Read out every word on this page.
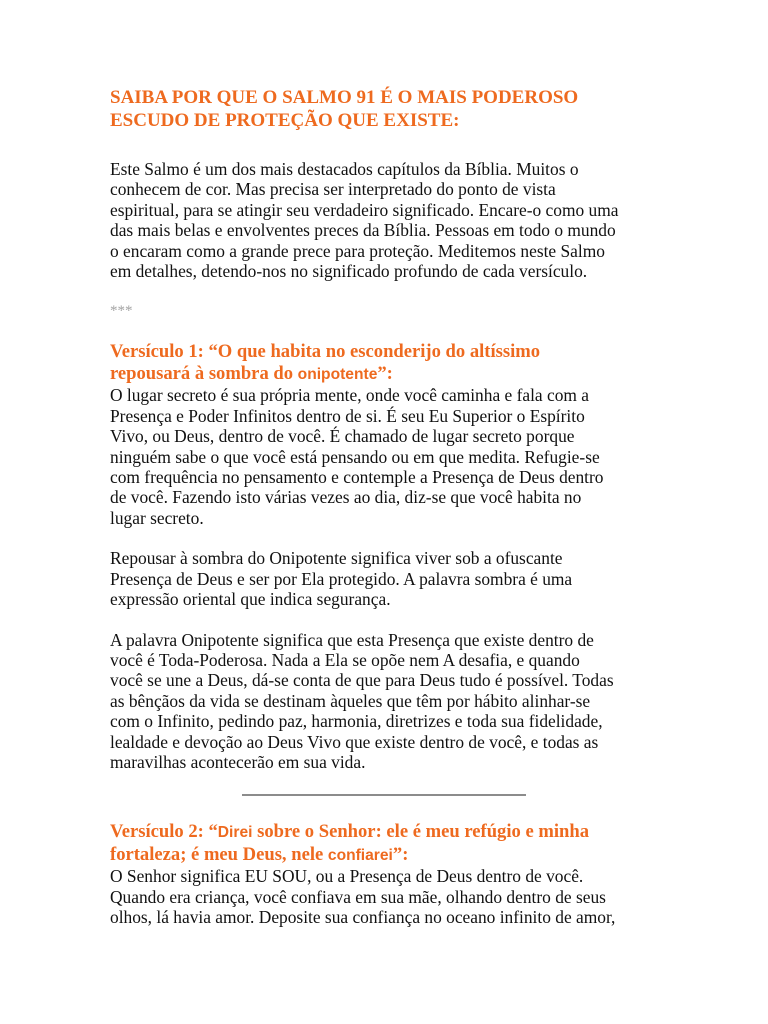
SAIBA POR QUE O SALMO 91 É O MAIS PODEROSO
ESCUDO DE PROTEÇÃO QUE EXISTE:

Este Salmo é um dos mais destacados capítulos da Bíblia. Muitos o
conhecem de cor. Mas precisa ser interpretado do ponto de vista
espiritual, para se atingir seu verdadeiro significado. Encare-o como uma
das mais belas e envolventes preces da Bíblia. Pessoas em todo o mundo
o encaram como a grande prece para proteção. Meditemos neste Salmo
em detalhes, detendo-nos no significado profundo de cada versículo.

***
Versículo 1: “O que habita no esconderijo do altíssimo
repousará à sombra do onipotente”:

O lugar secreto é sua própria mente, onde você caminha e fala com a
Presença e Poder Infinitos dentro de si. É seu Eu Superior o Espírito
Vivo, ou Deus, dentro de você. É chamado de lugar secreto porque
ninguém sabe o que você está pensando ou em que medita. Refugie-se
com frequência no pensamento e contemple a Presença de Deus dentro
de você. Fazendo isto várias vezes ao dia, diz-se que você habita no
lugar secreto.

Repousar à sombra do Onipotente significa viver sob a ofuscante
Presença de Deus e ser por Ela protegido. A palavra sombra é uma
expressão oriental que indica segurança.

A palavra Onipotente significa que esta Presença que existe dentro de
você é Toda-Poderosa. Nada a Ela se opõe nem A desafia, e quando
você se une a Deus, dá-se conta de que para Deus tudo é possível. Todas
as bênçãos da vida se destinam àqueles que têm por hábito alinhar-se
com o Infinito, pedindo paz, harmonia, diretrizes e toda sua fidelidade,
lealdade e devoção ao Deus Vivo que existe dentro de você, e todas as
maravilhas acontecerão em sua vida.

Versículo 2: “Direi sobre o Senhor: ele é meu refúgio e minha
fortaleza; é meu Deus, nele confiarei”:

O Senhor significa EU SOU, ou a Presença de Deus dentro de você.
Quando era criança, você confiava em sua mãe, olhando dentro de seus
olhos, lá havia amor. Deposite sua confiança no oceano infinito de amor,
